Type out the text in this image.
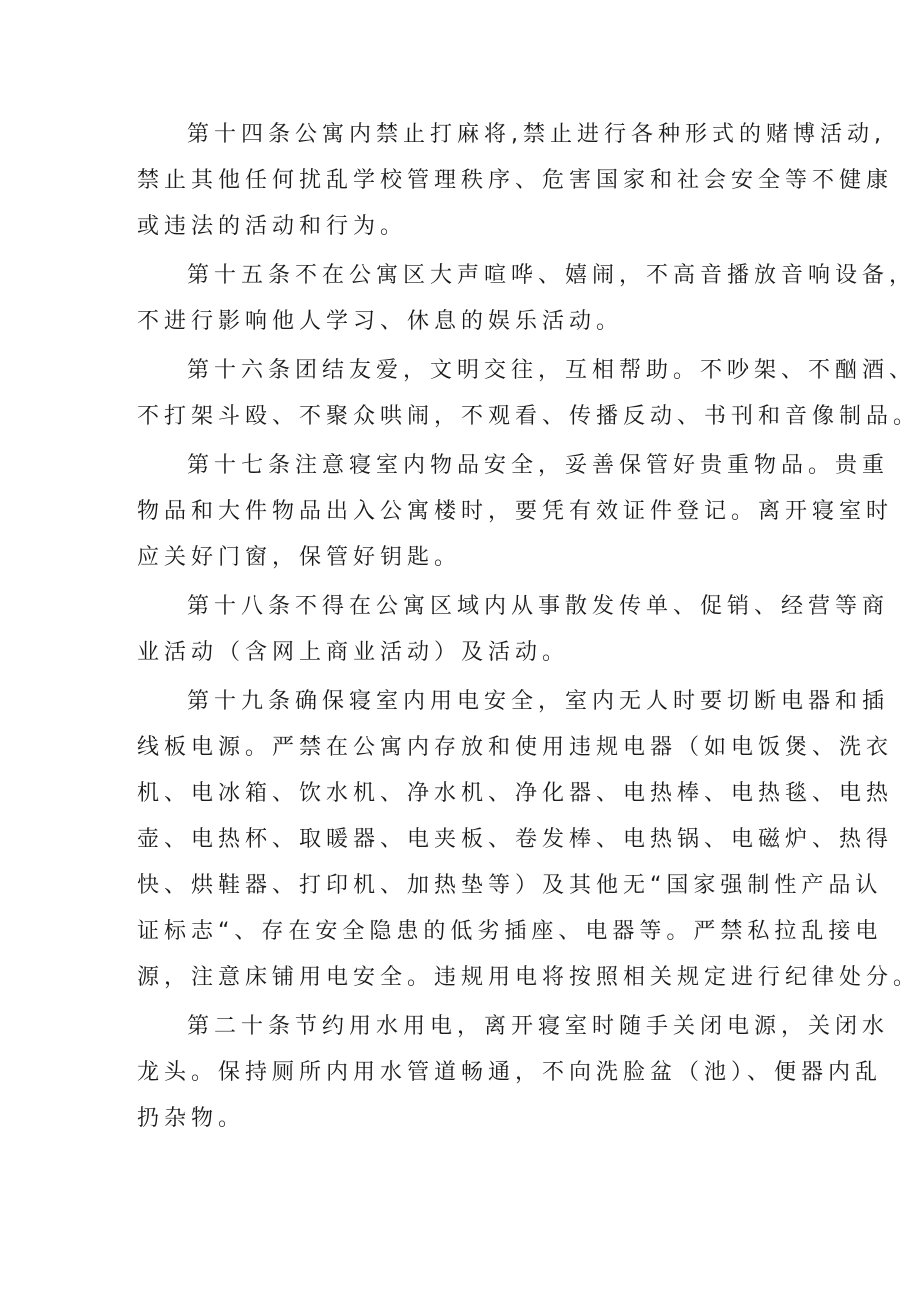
第十四条公寓内禁止打麻将,禁止进行各种形式的赌博活动,
禁止其他任何扰乱学校管理秩序、危害国家和社会安全等不健康
或违法的活动和行为。
第十五条不在公寓区大声喧哗、嬉闹，不高音播放音响设备，
不进行影响他人学习、休息的娱乐活动。
第十六条团结友爱，文明交往，互相帮助。不吵架、不酗酒、
不打架斗殴、不聚众哄闹，不观看、传播反动、书刊和音像制品。
第十七条注意寝室内物品安全，妥善保管好贵重物品。贵重
物品和大件物品出入公寓楼时，要凭有效证件登记。离开寝室时
应关好门窗，保管好钥匙。
第十八条不得在公寓区域内从事散发传单、促销、经营等商
业活动（含网上商业活动）及活动。
第十九条确保寝室内用电安全，室内无人时要切断电器和插
线板电源。严禁在公寓内存放和使用违规电器（如电饭煲、洗衣
机、电冰箱、饮水机、净水机、净化器、电热棒、电热毯、电热
壶、电热杯、取暖器、电夹板、卷发棒、电热锅、电磁炉、热得
快、烘鞋器、打印机、加热垫等）及其他无“国家强制性产品认
证标志“、存在安全隐患的低劣插座、电器等。严禁私拉乱接电
源，注意床铺用电安全。违规用电将按照相关规定进行纪律处分。
第二十条节约用水用电，离开寝室时随手关闭电源，关闭水
龙头。保持厕所内用水管道畅通，不向洗脸盆（池）、便器内乱
扔杂物。
